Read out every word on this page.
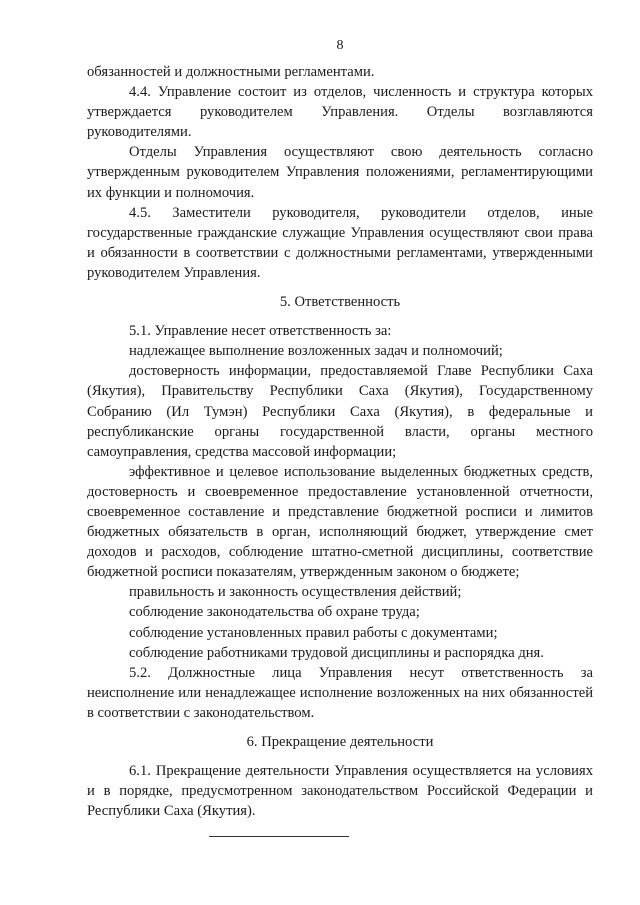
8

обязанностей и должностными регламентами.

4.4. Управление состоит из отделов, численность и структура которых утверждается руководителем Управления. Отделы возглавляются руководителями.

Отделы Управления осуществляют свою деятельность согласно утвержденным руководителем Управления положениями, регламентирующими их функции и полномочия.

4.5. Заместители руководителя, руководители отделов, иные государственные гражданские служащие Управления осуществляют свои права и обязанности в соответствии с должностными регламентами, утвержденными руководителем Управления.

5. Ответственность

5.1. Управление несет ответственность за:

надлежащее выполнение возложенных задач и полномочий;

достоверность информации, предоставляемой Главе Республики Саха (Якутия), Правительству Республики Саха (Якутия), Государственному Собранию (Ил Тумэн) Республики Саха (Якутия), в федеральные и республиканские органы государственной власти, органы местного самоуправления, средства массовой информации;

эффективное и целевое использование выделенных бюджетных средств, достоверность и своевременное предоставление установленной отчетности, своевременное составление и представление бюджетной росписи и лимитов бюджетных обязательств в орган, исполняющий бюджет, утверждение смет доходов и расходов, соблюдение штатно-сметной дисциплины, соответствие бюджетной росписи показателям, утвержденным законом о бюджете;

правильность и законность осуществления действий;

соблюдение законодательства об охране труда;

соблюдение установленных правил работы с документами;

соблюдение работниками трудовой дисциплины и распорядка дня.

5.2. Должностные лица Управления несут ответственность за неисполнение или ненадлежащее исполнение возложенных на них обязанностей в соответствии с законодательством.

6. Прекращение деятельности

6.1. Прекращение деятельности Управления осуществляется на условиях и в порядке, предусмотренном законодательством Российской Федерации и Республики Саха (Якутия).
